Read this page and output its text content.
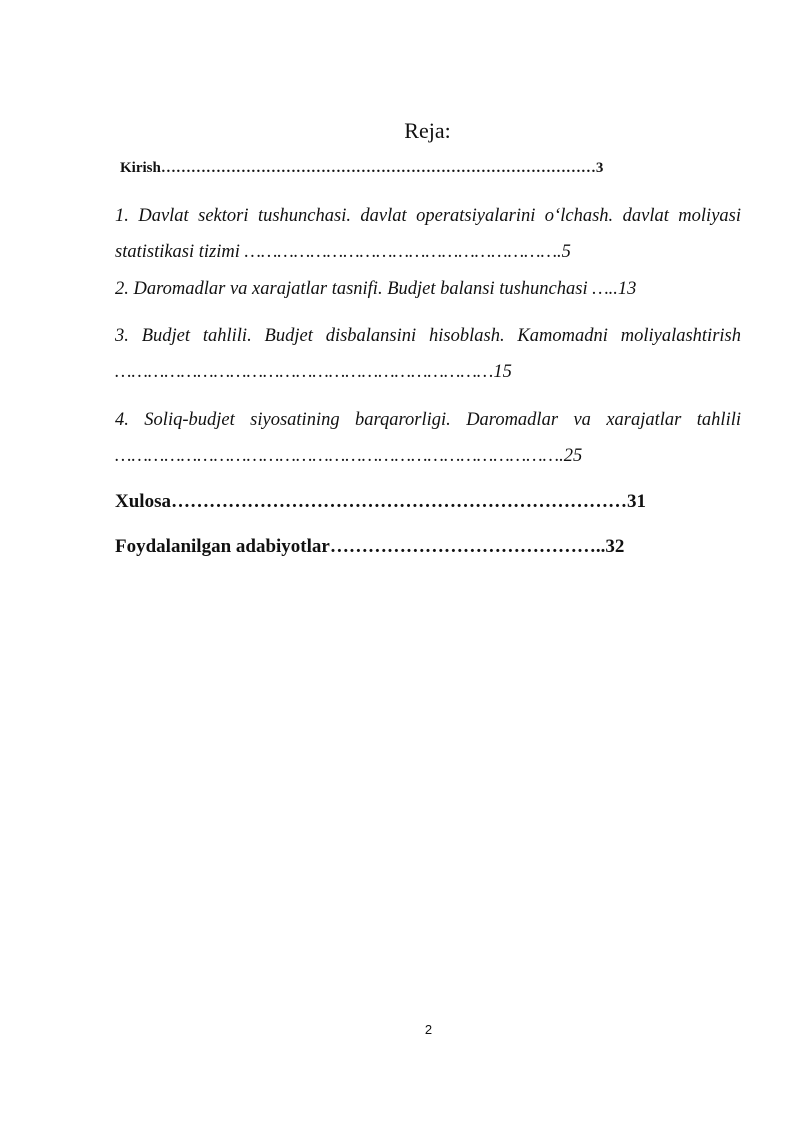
Reja:

Kirish……………………………………………………………………………3

1. Davlat sektori tushunchasi. davlat operatsiyalarini o‘lchash. davlat moliyasi statistikasi tizimi ………………………………………………….5

2. Daromadlar va xarajatlar tasnifi. Budjet balansi tushunchasi …..13

3. Budjet tahlili. Budjet disbalansini hisoblash. Kamomadni moliyalashtirish ……………………………………………………………15

4. Soliq-budjet siyosatining barqarorligi. Daromadlar va xarajatlar tahlili ……………………………………………………………………….25

Xulosa………………………………………………………………31

Foydalanilgan adabiyotlar……………………………………..32

2
